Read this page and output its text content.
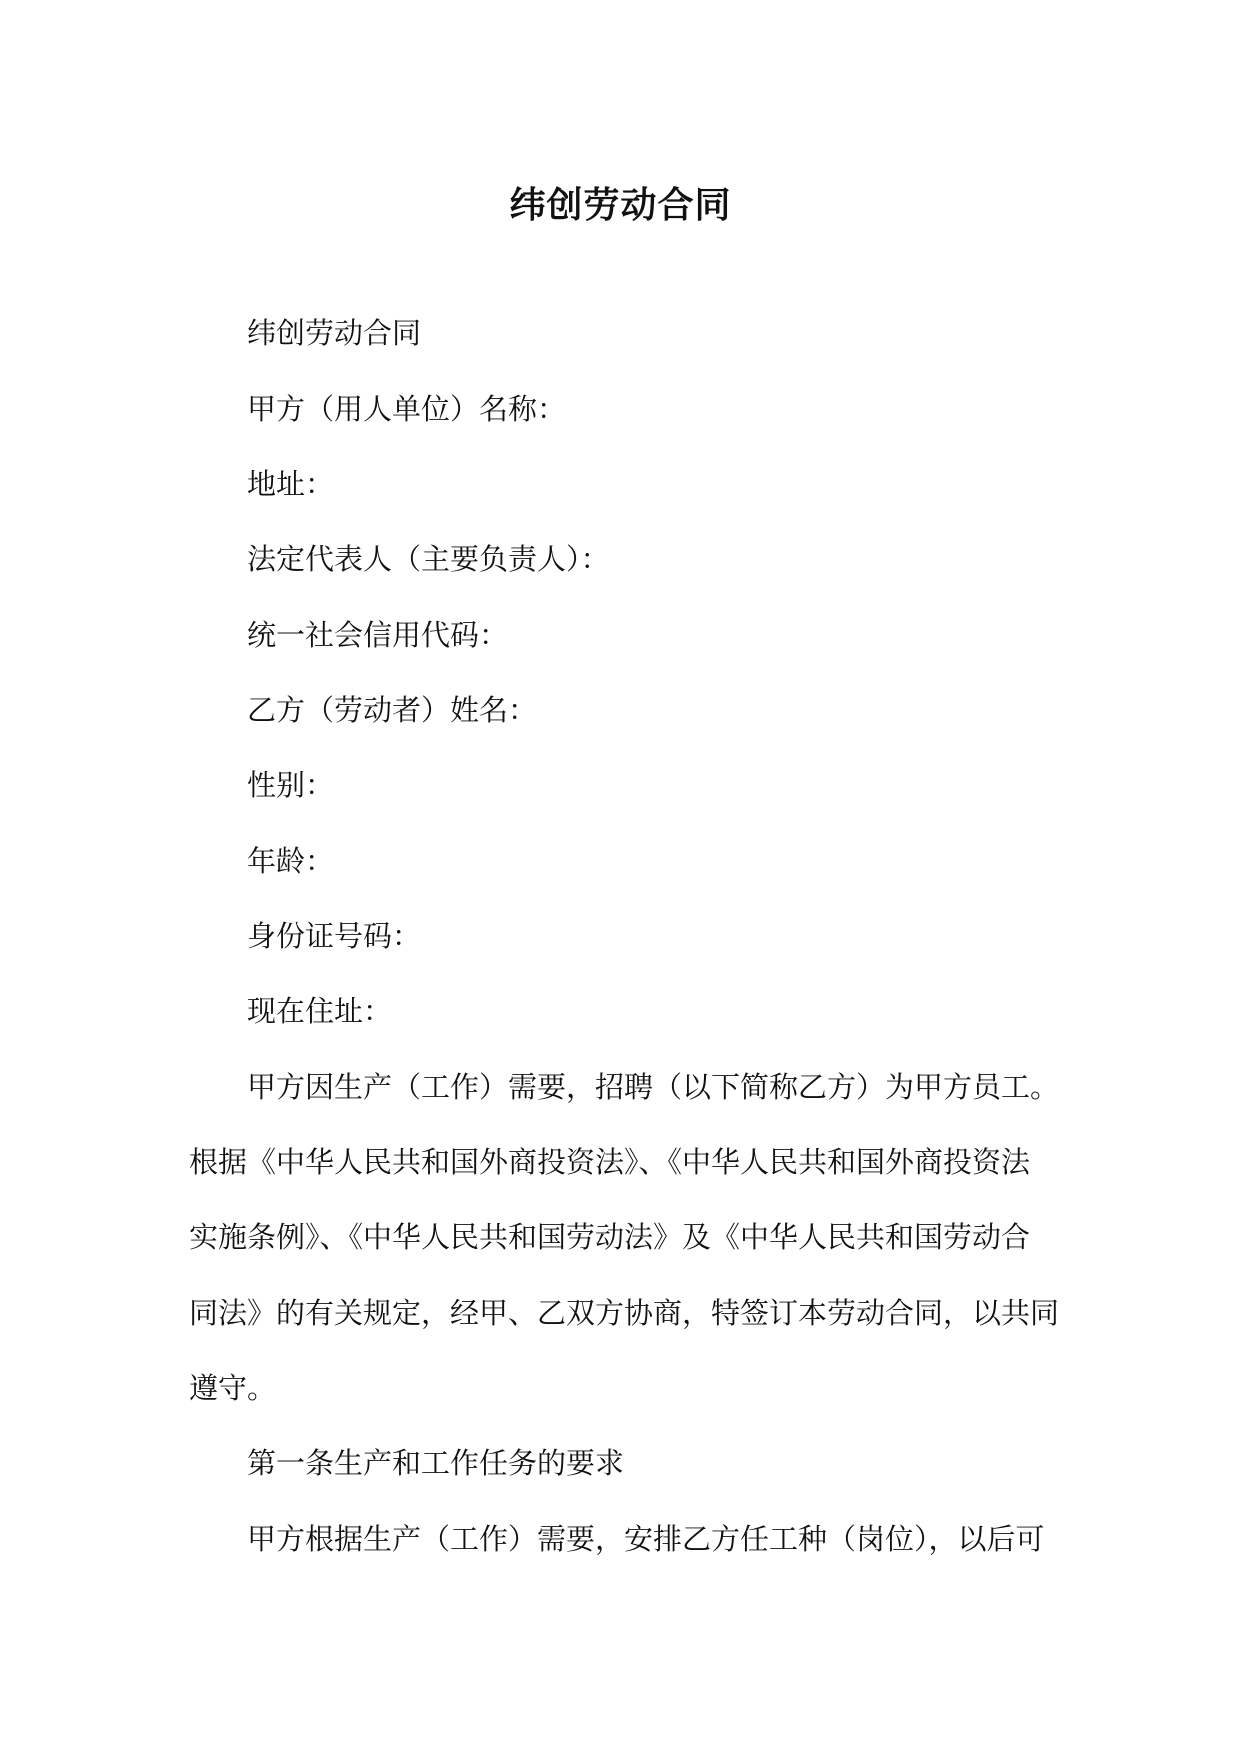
纬创劳动合同
纬创劳动合同
甲方（用人单位）名称：
地址：
法定代表人（主要负责人）：
统一社会信用代码：
乙方（劳动者）姓名：
性别：
年龄：
身份证号码：
现在住址：
甲方因生产（工作）需要，招聘（以下简称乙方）为甲方员工。
根据《中华人民共和国外商投资法》、《中华人民共和国外商投资法
实施条例》、《中华人民共和国劳动法》及《中华人民共和国劳动合
同法》的有关规定，经甲、乙双方协商，特签订本劳动合同，以共同
遵守。
第一条生产和工作任务的要求
甲方根据生产（工作）需要，安排乙方任工种（岗位），以后可
